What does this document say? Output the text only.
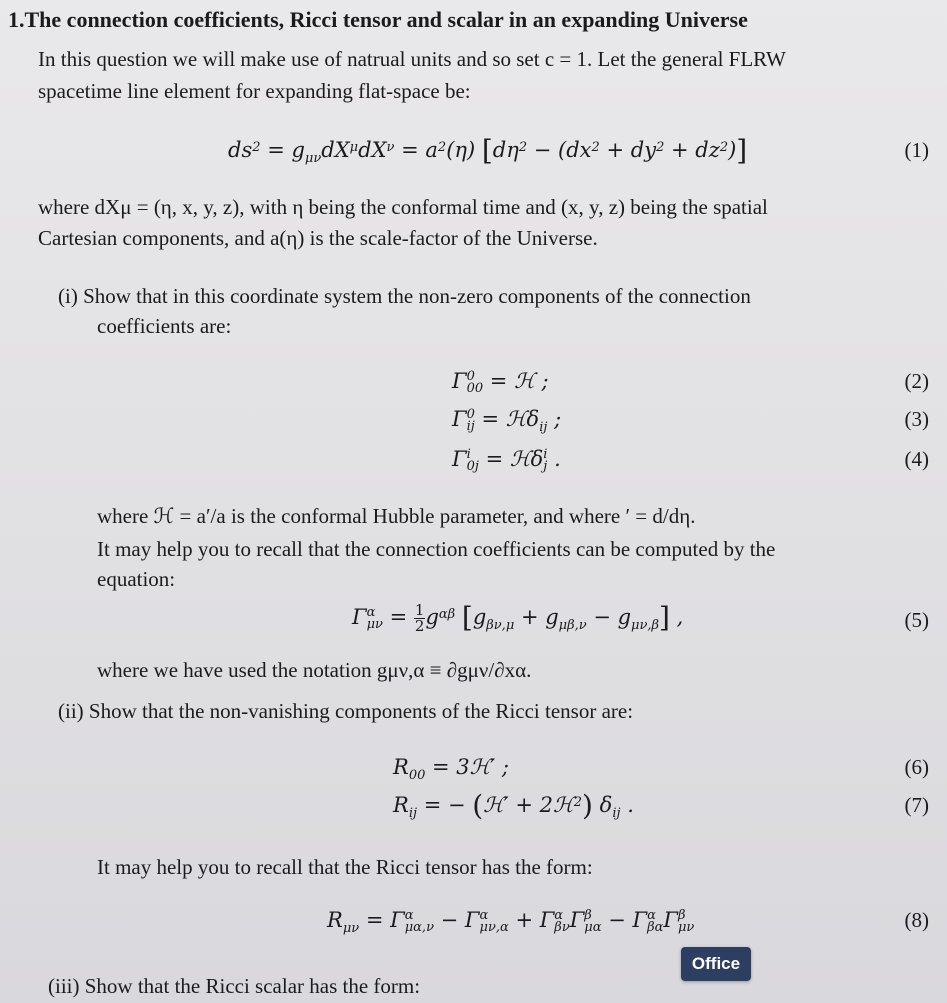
1.The connection coefficients, Ricci tensor and scalar in an expanding Universe
In this question we will make use of natrual units and so set c = 1. Let the general FLRW
spacetime line element for expanding flat-space be:
$ds^2 = g_{\mu\nu}dX^\mu dX^\nu = a^2(\eta) [d\eta^2 - (dx^2 + dy^2 + dz^2)]$	(1)
where dXμ = (η, x, y, z), with η being the conformal time and (x, y, z) being the spatial
Cartesian components, and a(η) is the scale-factor of the Universe.
(i) Show that in this coordinate system the non-zero components of the connection
coefficients are:
Γ 0
00 = ℋ ;	(2)
Γ 0
ij = ℋδ$_{ij}$ ;	(3)
Γ i
0j = ℋδ i
j .	(4)
where ℋ = a′/a is the conformal Hubble parameter, and where ′ = d/dη.
It may help you to recall that the connection coefficients can be computed by the
equation:
Γ α
$\mu\nu = \frac{1}{2} g^{\alpha\beta}$ $[g_{\beta\nu,\mu} + g_{\mu\beta,\nu} - g_{\mu\nu,\beta}]$ ,	(5)
where we have used the notation gμν,α ≡ ∂gμν/∂xα.
(ii) Show that the non-vanishing components of the Ricci tensor are:
$R_{00}$ = 3ℋ′ ;	(6)
$R_{ij}$ = − (ℋ′ + 2ℋ$^2$) $\delta_{ij}$ .	(7)
It may help you to recall that the Ricci tensor has the form:
$R_{\mu\nu} = \Gamma$ α
μα,ν − Γ α
μν,α + Γ α
βν Γ β
μα − Γ α
βα Γ β
μν	(8)
(iii) Show that the Ricci scalar has the form:
Office
